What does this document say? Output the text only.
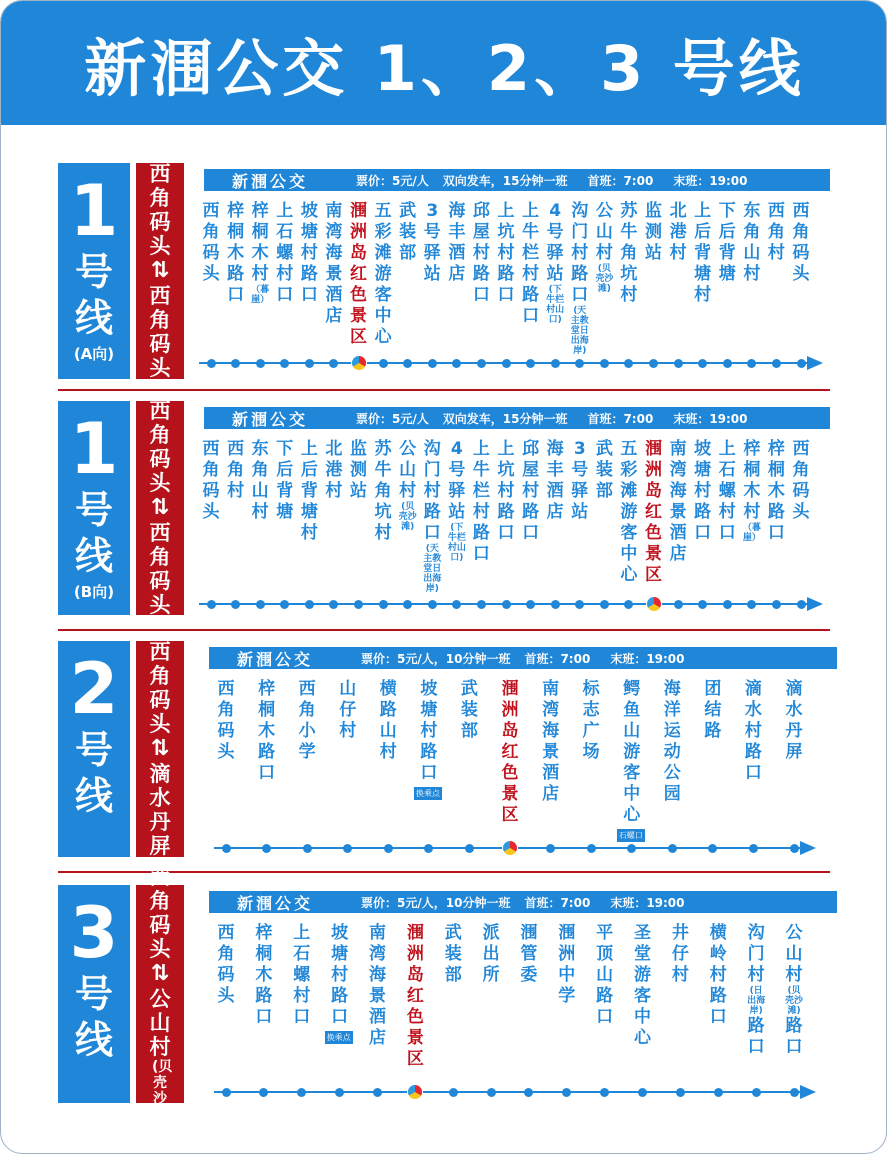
新涠公交 1、2、3 号线
1
号
线
(A向)
西角码头
⇅
西角码头
新涠公交	票价：5元/人 双向发车，15分钟一班 首班：7:00 末班：19:00
西角码头
梓桐木路口
梓桐木村
（暮崖）
上石螺村口
坡塘村路口
南湾海景酒店
涠洲岛红色景区
五彩滩游客中心
武装部
3号驿站
海丰酒店
邱屋村路口
上坑村路口
上牛栏村路口
4号驿站
(下牛栏村山口)
沟门村路口
(天主教堂日出海岸)
公山村
(贝壳沙滩)
苏牛角坑村
监测站
北港村
上后背塘村
下后背塘
东角山村
西角村
西角码头
1
号
线
(B向)
西角码头
⇅
西角码头
新涠公交	票价：5元/人 双向发车，15分钟一班 首班：7:00 末班：19:00
西角码头
西角村
东角山村
下后背塘
上后背塘村
北港村
监测站
苏牛角坑村
公山村
(贝壳沙滩)
沟门村路口
(天主教堂日出海岸)
4号驿站
(下牛栏村山口)
上牛栏村路口
上坑村路口
邱屋村路口
海丰酒店
3号驿站
武装部
五彩滩游客中心
涠洲岛红色景区
南湾海景酒店
坡塘村路口
上石螺村口
梓桐木村
（暮崖）
梓桐木路口
西角码头
2
号
线
西角码头
⇅
滴水丹屏
新涠公交	票价：5元/人，10分钟一班 首班：7:00 末班：19:00
西角码头
梓桐木路口
西角小学
山仔村
横路山村
坡塘村路口
换乘点
武装部
涠洲岛红色景区
南湾海景酒店
标志广场
鳄鱼山游客中心
石螺口
海洋运动公园
团结路
滴水村路口
滴水丹屏
3
号
线
西角码头
⇅
公山村
(贝壳沙滩)
新涠公交	票价：5元/人，10分钟一班 首班：7:00 末班：19:00
西角码头
梓桐木路口
上石螺村口
坡塘村路口
换乘点
南湾海景酒店
涠洲岛红色景区
武装部
派出所
涠管委
涠洲中学
平顶山路口
圣堂游客中心
井仔村
横岭村路口
沟门村
(日出海岸)
路口
公山村
(贝壳沙滩)
路口
